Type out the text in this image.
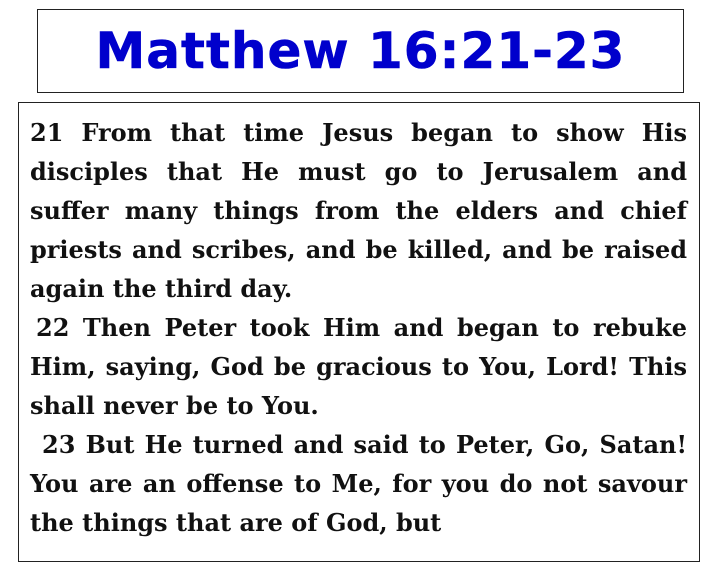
Matthew 16:21-23

21 From that time Jesus began to show His disciples that He must go to Jerusalem and suffer many things from the elders and chief priests and scribes, and be killed, and be raised again the third day.

22 Then Peter took Him and began to rebuke Him, saying, God be gracious to You, Lord! This shall never be to You.

23 But He turned and said to Peter, Go, Satan! You are an offense to Me, for you do not savour the things that are of God, but
